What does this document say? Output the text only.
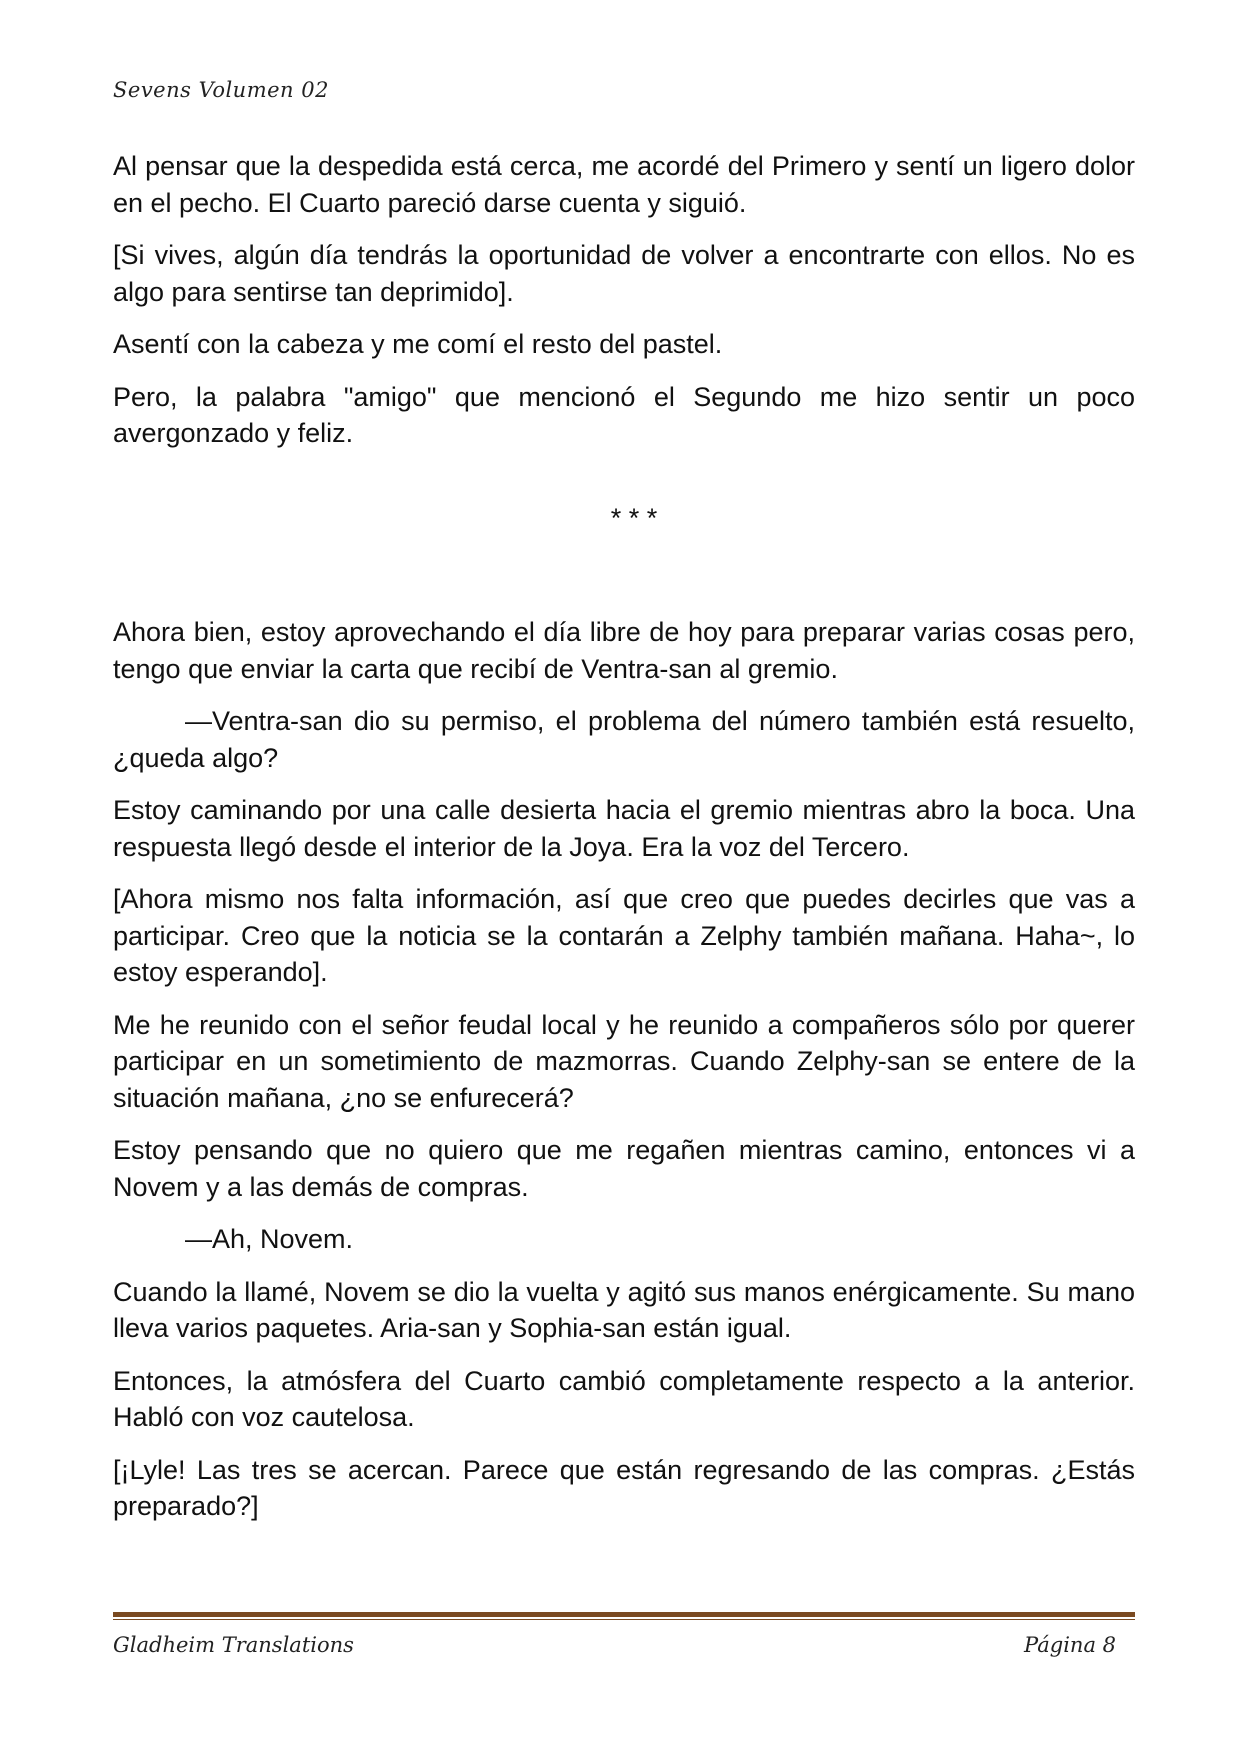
Sevens Volumen 02

Al pensar que la despedida está cerca, me acordé del Primero y sentí un ligero dolor en el pecho. El Cuarto pareció darse cuenta y siguió.

[Si vives, algún día tendrás la oportunidad de volver a encontrarte con ellos. No es algo para sentirse tan deprimido].

Asentí con la cabeza y me comí el resto del pastel.

Pero, la palabra "amigo" que mencionó el Segundo me hizo sentir un poco avergonzado y feliz.

* * *

Ahora bien, estoy aprovechando el día libre de hoy para preparar varias cosas pero, tengo que enviar la carta que recibí de Ventra-san al gremio.

—Ventra-san dio su permiso, el problema del número también está resuelto, ¿queda algo?

Estoy caminando por una calle desierta hacia el gremio mientras abro la boca. Una respuesta llegó desde el interior de la Joya. Era la voz del Tercero.

[Ahora mismo nos falta información, así que creo que puedes decirles que vas a participar. Creo que la noticia se la contarán a Zelphy también mañana. Haha~, lo estoy esperando].

Me he reunido con el señor feudal local y he reunido a compañeros sólo por querer participar en un sometimiento de mazmorras. Cuando Zelphy-san se entere de la situación mañana, ¿no se enfurecerá?

Estoy pensando que no quiero que me regañen mientras camino, entonces vi a Novem y a las demás de compras.

—Ah, Novem.

Cuando la llamé, Novem se dio la vuelta y agitó sus manos enérgicamente. Su mano lleva varios paquetes. Aria-san y Sophia-san están igual.

Entonces, la atmósfera del Cuarto cambió completamente respecto a la anterior. Habló con voz cautelosa.

[¡Lyle! Las tres se acercan. Parece que están regresando de las compras. ¿Estás preparado?]

Gladheim Translations	Página 8
